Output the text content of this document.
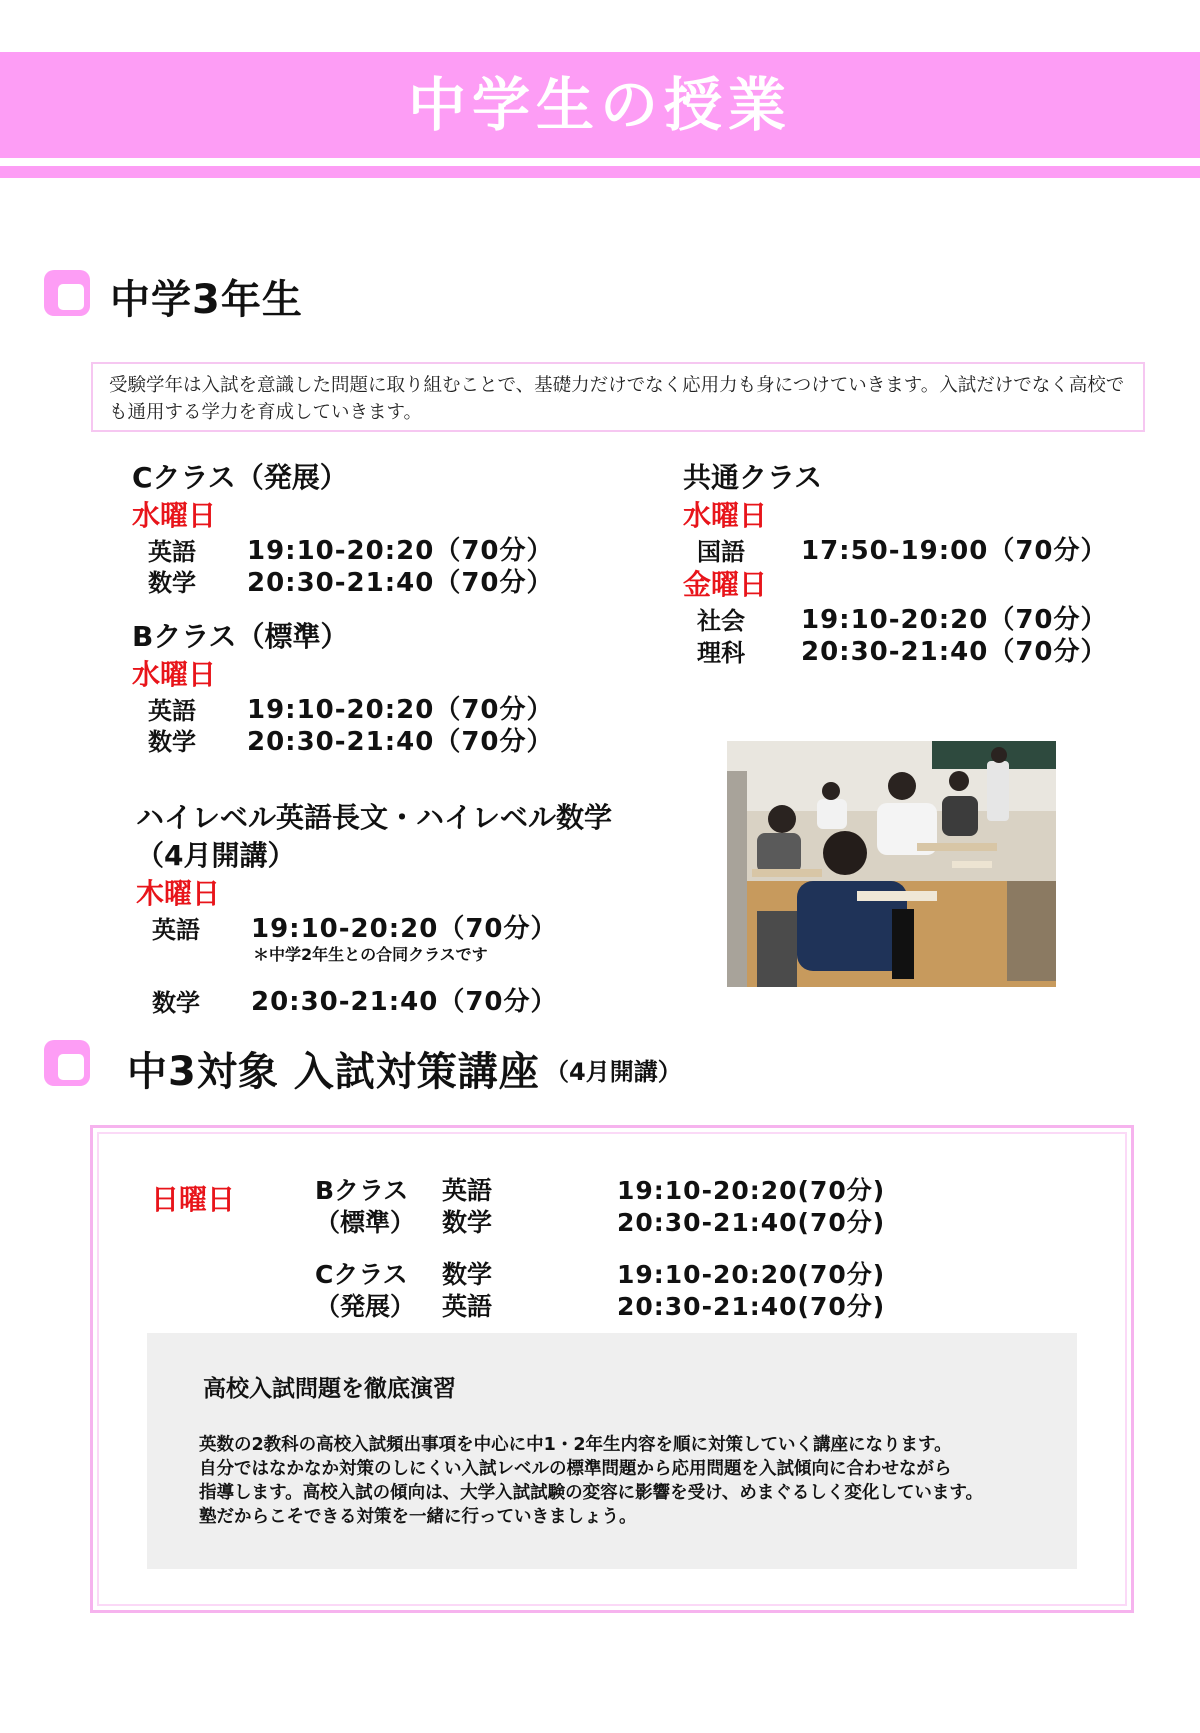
中学生の授業
中学3年生
受験学年は入試を意識した問題に取り組むことで、基礎力だけでなく応用力も身につけていきます。入試だけでなく高校でも通用する学力を育成していきます。
Cクラス（発展）
水曜日
英語 19:10-20:20（70分）
数学 20:30-21:40（70分）
Bクラス（標準）
水曜日
英語 19:10-20:20（70分）
数学 20:30-21:40（70分）
ハイレベル英語長文・ハイレベル数学
（4月開講）
木曜日
英語 19:10-20:20（70分）
＊中学2年生との合同クラスです
数学 20:30-21:40（70分）
共通クラス
水曜日
国語 17:50-19:00（70分）
金曜日
社会 19:10-20:20（70分）
理科 20:30-21:40（70分）
中3対象 入試対策講座 （4月開講）
日曜日	Bクラス
（標準）
英語
数学
19:10-20:20(70分)
20:30-21:40(70分)
Cクラス
（発展）
数学
英語
19:10-20:20(70分)
20:30-21:40(70分)
高校入試問題を徹底演習
英数の2教科の高校入試頻出事項を中心に中1・2年生内容を順に対策していく講座になります。
自分ではなかなか対策のしにくい入試レベルの標準問題から応用問題を入試傾向に合わせながら
指導します。高校入試の傾向は、大学入試試験の変容に影響を受け、めまぐるしく変化しています。
塾だからこそできる対策を一緒に行っていきましょう。
